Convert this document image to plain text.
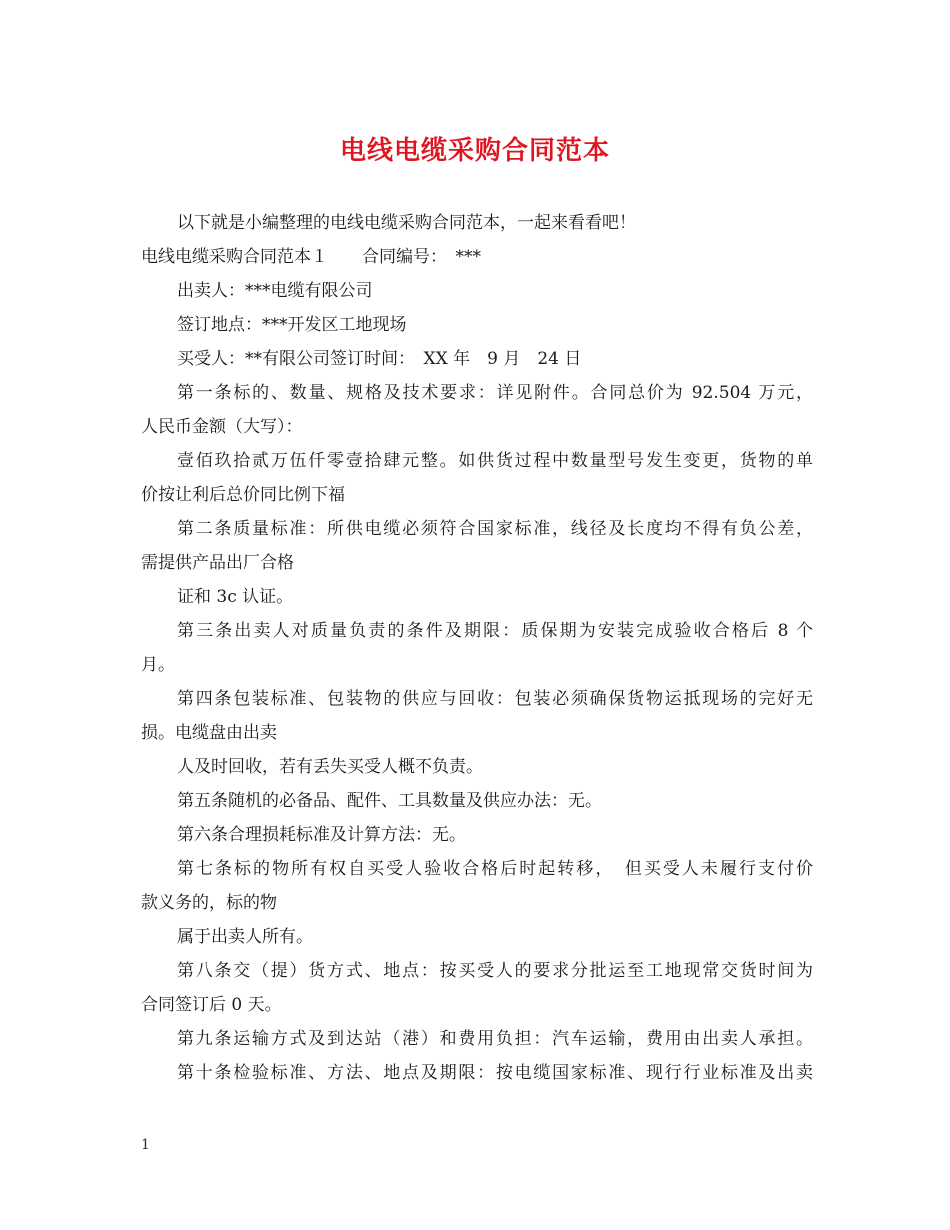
电线电缆采购合同范本
以下就是小编整理的电线电缆采购合同范本，一起来看看吧！
电线电缆采购合同范本１　　合同编号：　***
出卖人：***电缆有限公司
签订地点：***开发区工地现场
买受人：**有限公司签订时间：　XX 年　9 月　24 日
第一条标的、数量、规格及技术要求：详见附件。合同总价为 92.504 万元，
人民币金额（大写）：
壹佰玖拾贰万伍仟零壹拾肆元整。如供货过程中数量型号发生变更，货物的单
价按让利后总价同比例下福
第二条质量标准：所供电缆必须符合国家标准，线径及长度均不得有负公差，
需提供产品出厂合格
证和 3c 认证。
第三条出卖人对质量负责的条件及期限：质保期为安装完成验收合格后 8 个
月。
第四条包装标准、包装物的供应与回收：包装必须确保货物运抵现场的完好无
损。电缆盘由出卖
人及时回收，若有丢失买受人概不负责。
第五条随机的必备品、配件、工具数量及供应办法：无。
第六条合理损耗标准及计算方法：无。
第七条标的物所有权自买受人验收合格后时起转移，　但买受人未履行支付价
款义务的，标的物
属于出卖人所有。
第八条交（提）货方式、地点：按买受人的要求分批运至工地现常交货时间为
合同签订后 0 天。
第九条运输方式及到达站（港）和费用负担：汽车运输，费用由出卖人承担。
第十条检验标准、方法、地点及期限：按电缆国家标准、现行行业标准及出卖
1
